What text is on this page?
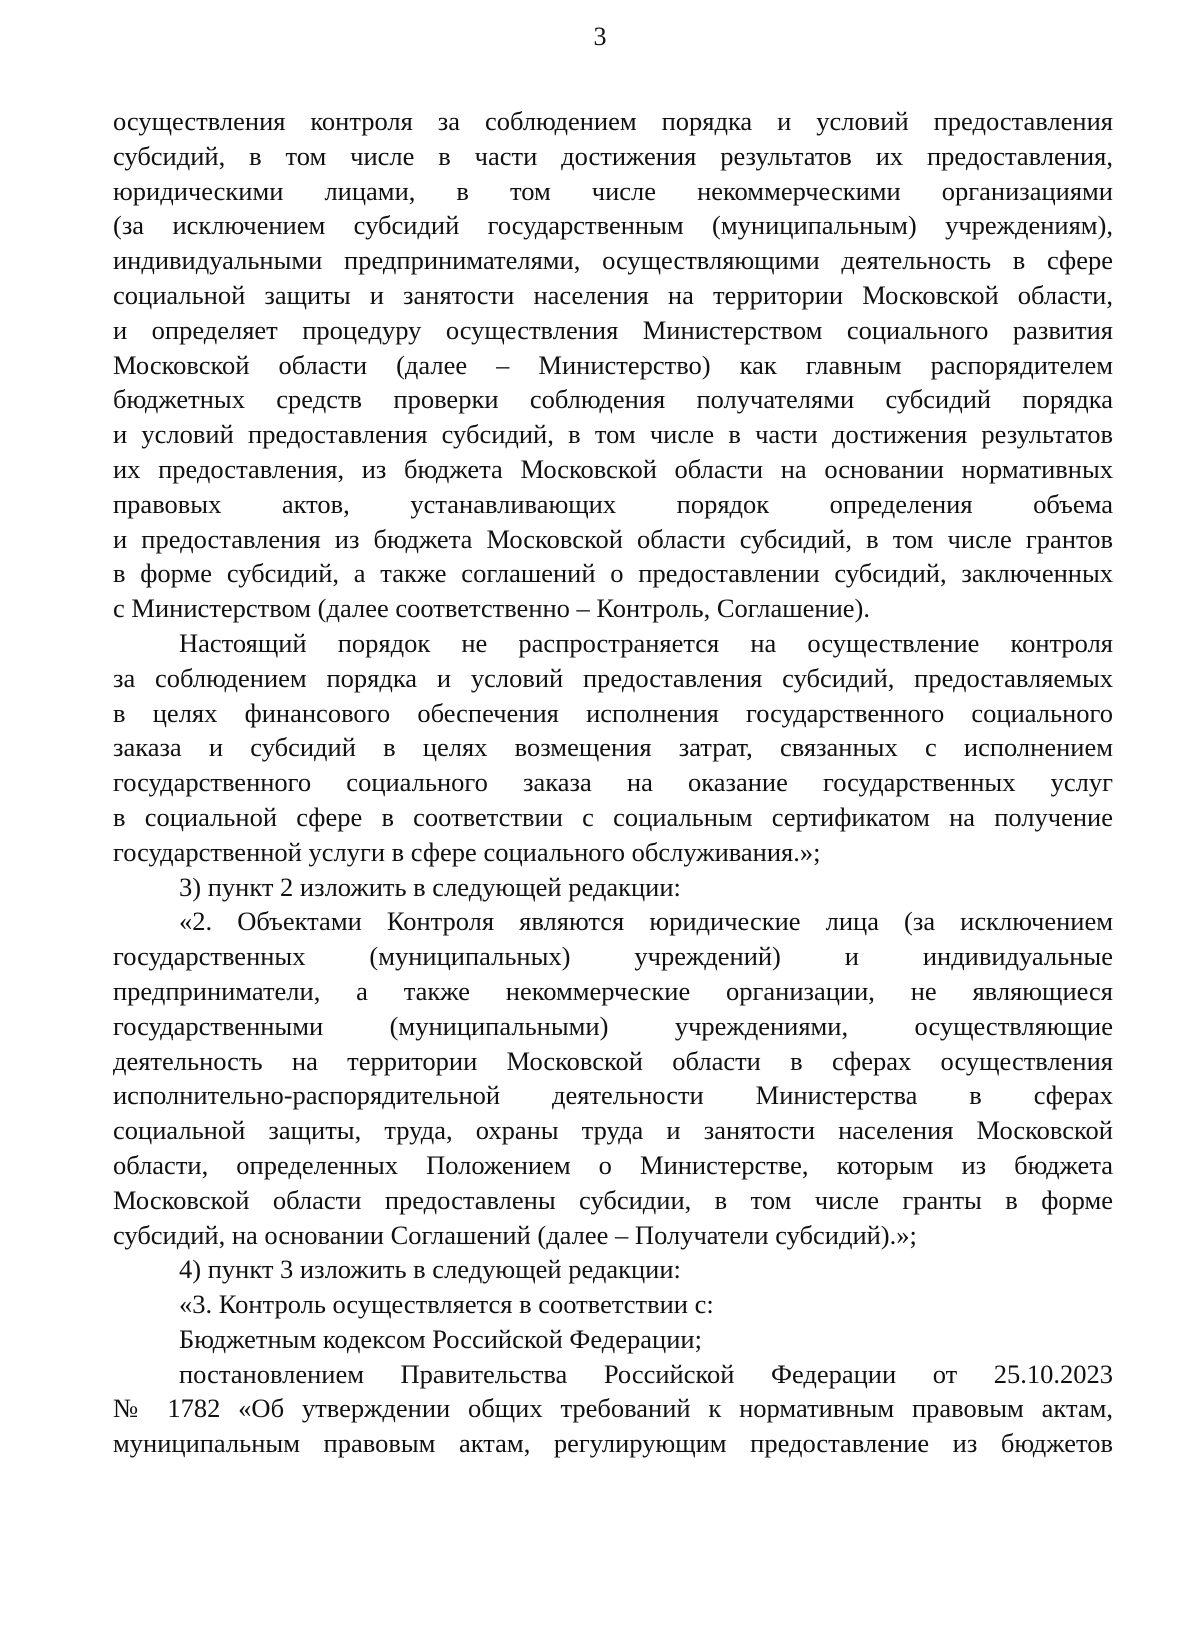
3
осуществления контроля за соблюдением порядка и условий предоставления
субсидий, в том числе в части достижения результатов их предоставления,
юридическими лицами, в том числе некоммерческими организациями
(за исключением субсидий государственным (муниципальным) учреждениям),
индивидуальными предпринимателями, осуществляющими деятельность в сфере
социальной защиты и занятости населения на территории Московской области,
и определяет процедуру осуществления Министерством социального развития
Московской области (далее – Министерство) как главным распорядителем
бюджетных средств проверки соблюдения получателями субсидий порядка
и условий предоставления субсидий, в том числе в части достижения результатов
их предоставления, из бюджета Московской области на основании нормативных
правовых актов, устанавливающих порядок определения объема
и предоставления из бюджета Московской области субсидий, в том числе грантов
в форме субсидий, а также соглашений о предоставлении субсидий, заключенных
с Министерством (далее соответственно – Контроль, Соглашение).
Настоящий порядок не распространяется на осуществление контроля
за соблюдением порядка и условий предоставления субсидий, предоставляемых
в целях финансового обеспечения исполнения государственного социального
заказа и субсидий в целях возмещения затрат, связанных с исполнением
государственного социального заказа на оказание государственных услуг
в социальной сфере в соответствии с социальным сертификатом на получение
государственной услуги в сфере социального обслуживания.»;
3) пункт 2 изложить в следующей редакции:
«2. Объектами Контроля являются юридические лица (за исключением
государственных (муниципальных) учреждений) и индивидуальные
предприниматели, а также некоммерческие организации, не являющиеся
государственными (муниципальными) учреждениями, осуществляющие
деятельность на территории Московской области в сферах осуществления
исполнительно-распорядительной деятельности Министерства в сферах
социальной защиты, труда, охраны труда и занятости населения Московской
области, определенных Положением о Министерстве, которым из бюджета
Московской области предоставлены субсидии, в том числе гранты в форме
субсидий, на основании Соглашений (далее – Получатели субсидий).»;
4) пункт 3 изложить в следующей редакции:
«3. Контроль осуществляется в соответствии с:
Бюджетным кодексом Российской Федерации;
постановлением Правительства Российской Федерации от 25.10.2023
№ 1782 «Об утверждении общих требований к нормативным правовым актам,
муниципальным правовым актам, регулирующим предоставление из бюджетов
